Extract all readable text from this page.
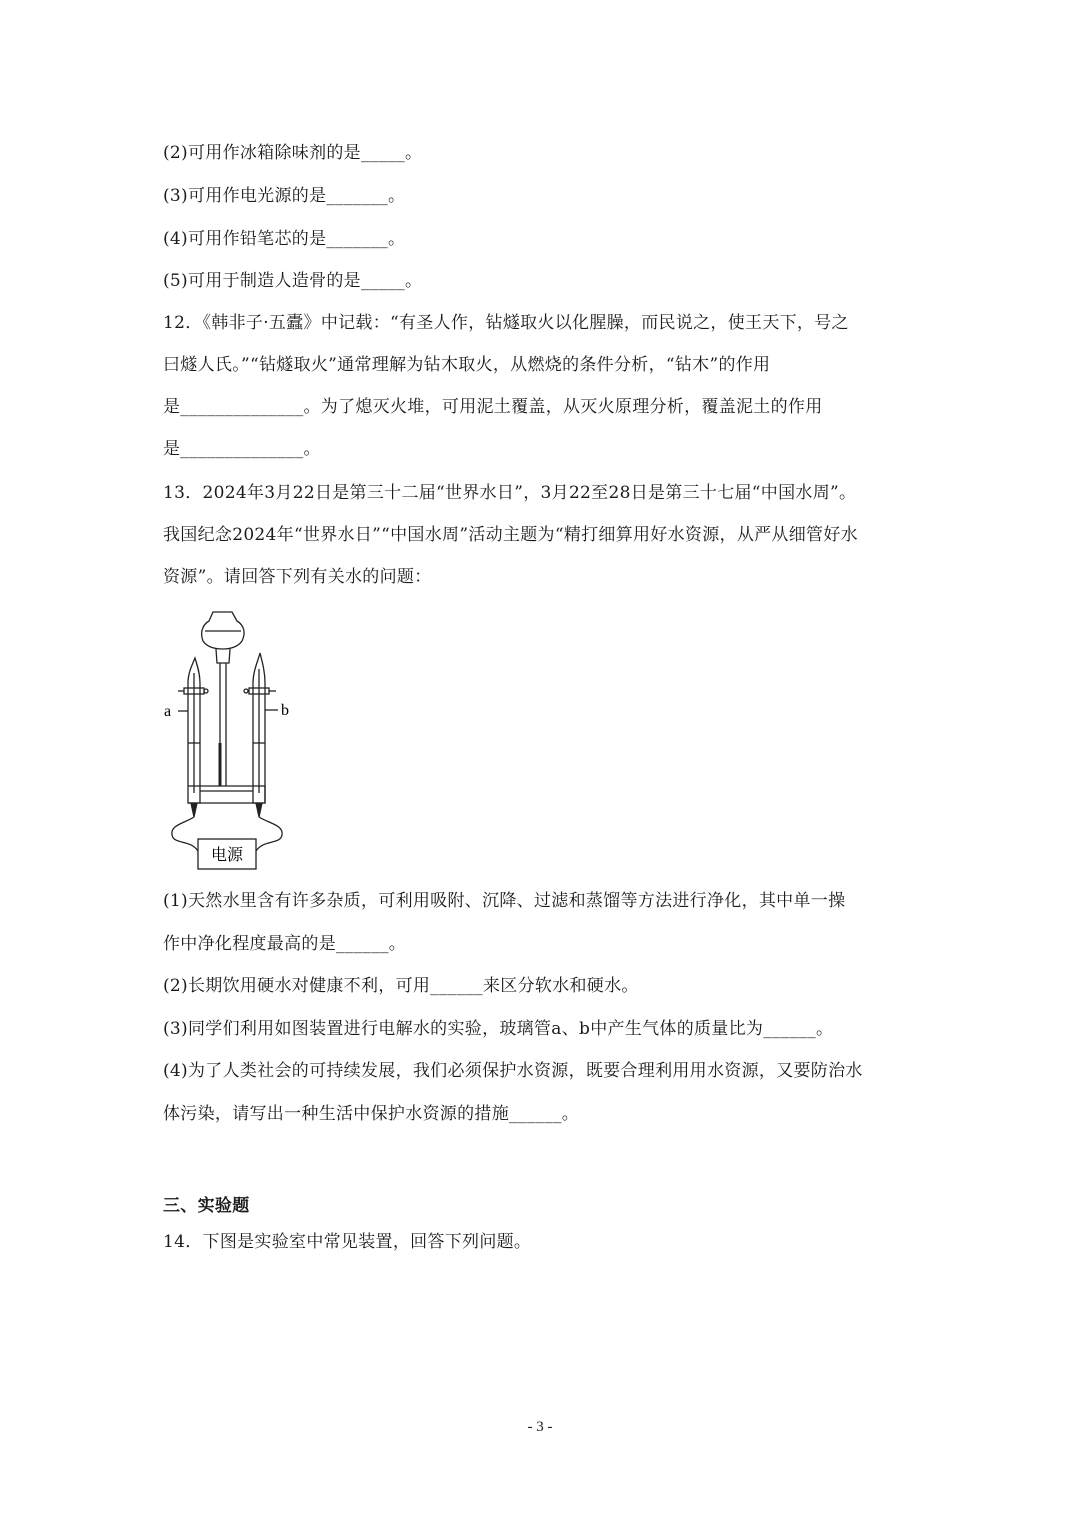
(2)可用作冰箱除味剂的是_____。
(3)可用作电光源的是_______。
(4)可用作铅笔芯的是_______。
(5)可用于制造人造骨的是_____。
12．《韩非子·五蠹》中记载：“有圣人作，钻燧取火以化腥臊，而民说之，使王天下，号之
曰燧人氏。”“钻燧取火”通常理解为钻木取火，从燃烧的条件分析，“钻木”的作用
是______________。为了熄灭火堆，可用泥土覆盖，从灭火原理分析，覆盖泥土的作用
是______________。
13．2024年3月22日是第三十二届“世界水日”，3月22至28日是第三十七届“中国水周”。
我国纪念2024年“世界水日”“中国水周”活动主题为“精打细算用好水资源，从严从细管好水
资源”。请回答下列有关水的问题：
a	b
电源
(1)天然水里含有许多杂质，可利用吸附、沉降、过滤和蒸馏等方法进行净化，其中单一操
作中净化程度最高的是______。
(2)长期饮用硬水对健康不利，可用______来区分软水和硬水。
(3)同学们利用如图装置进行电解水的实验，玻璃管a、b中产生气体的质量比为______。
(4)为了人类社会的可持续发展，我们必须保护水资源，既要合理利用用水资源，又要防治水
体污染，请写出一种生活中保护水资源的措施______。
三、实验题
14．下图是实验室中常见装置，回答下列问题。
- 3 -
